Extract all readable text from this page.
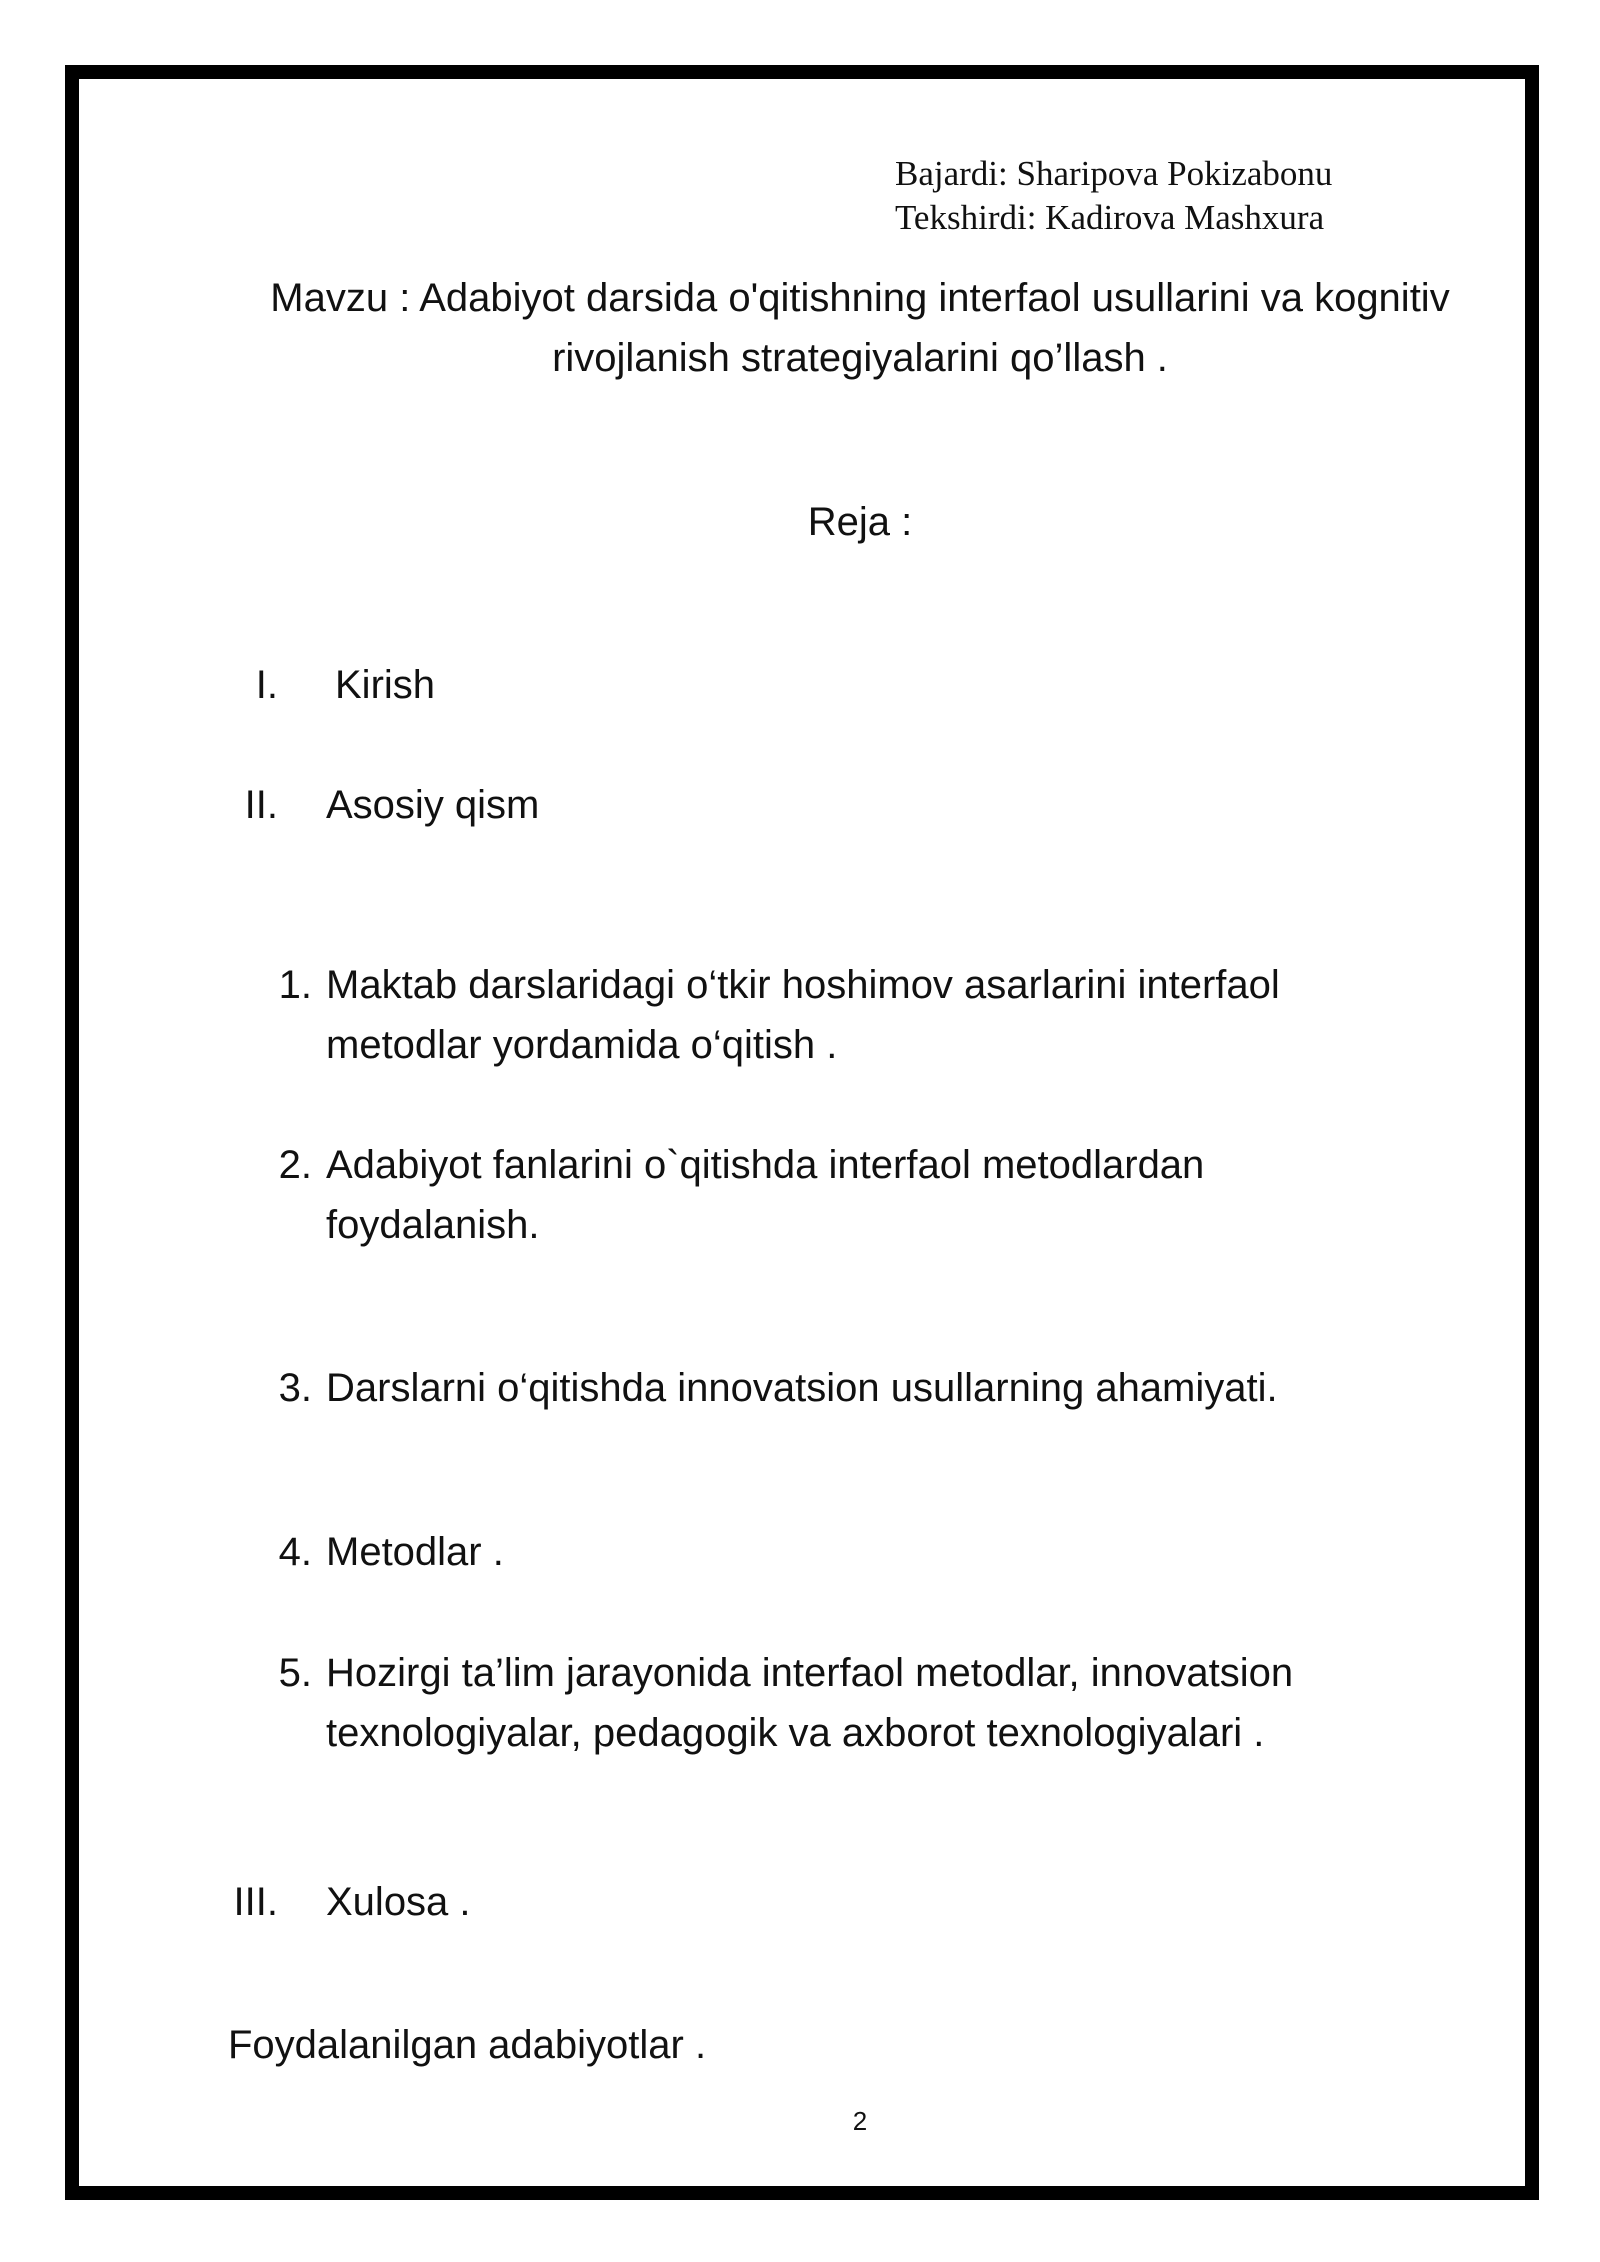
Bajardi: Sharipova Pokizabonu
Tekshirdi: Kadirova Mashxura
Mavzu : Adabiyot darsida o'qitishning interfaol usullarini va kognitiv rivojlanish strategiyalarini qo’llash .
Reja :
I. Kirish
II. Asosiy qism
1. Maktab darslaridagi o‘tkir hoshimov asarlarini interfaol metodlar yordamida o‘qitish .
2. Adabiyot fanlarini o`qitishda interfaol metodlardan foydalanish.
3. Darslarni o‘qitishda innovatsion usullarning ahamiyati.
4. Metodlar .
5. Hozirgi ta’lim jarayonida interfaol metodlar, innovatsion texnologiyalar, pedagogik va axborot texnologiyalari .
III. Xulosa .
Foydalanilgan adabiyotlar .
2
